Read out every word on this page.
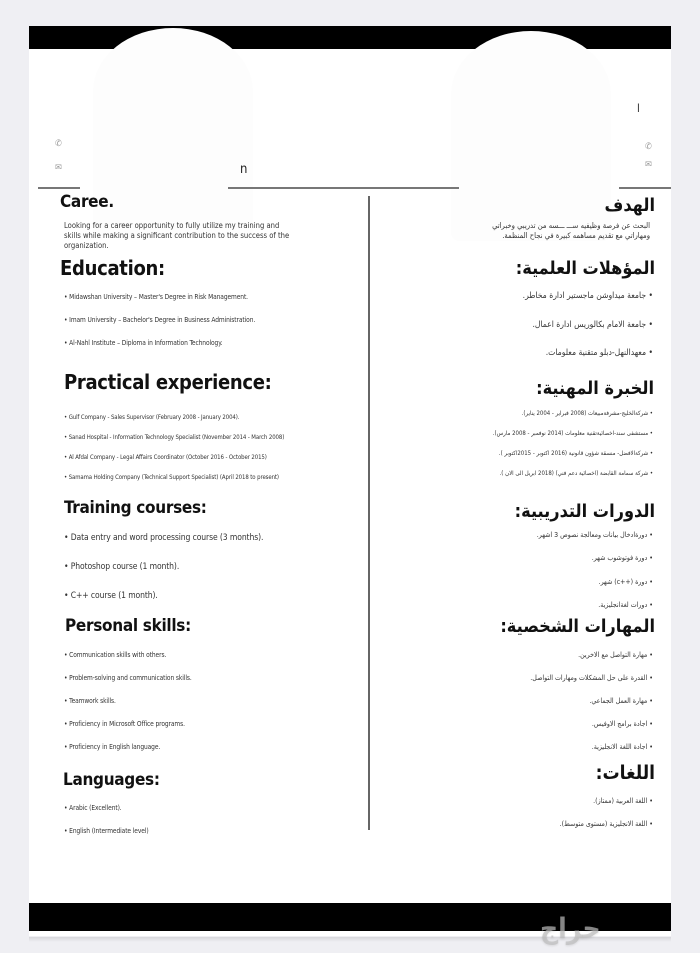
✆
✉	n
ا
✆
✉
Caree.
Looking for a career opportunity to fully utilize my training and skills while making a significant contribution to the success of the organization.
Education:
• Midawshan University – Master's Degree in Risk Management.
• Imam University – Bachelor's Degree in Business Administration.
• Al-Nahl Institute – Diploma in Information Technology.
Practical experience:
• Gulf Company - Sales Supervisor (February 2008 - January 2004).
• Sanad Hospital - Information Technology Specialist (November 2014 - March 2008)
• Al Afdal Company - Legal Affairs Coordinator (October 2016 - October 2015)
• Samama Holding Company (Technical Support Specialist) (April 2018 to present)
Training courses:
• Data entry and word processing course (3 months).
• Photoshop course (1 month).
• C++ course (1 month).
Personal skills:
• Communication skills with others.
• Problem-solving and communication skills.
• Teamwork skills.
• Proficiency in Microsoft Office programs.
• Proficiency in English language.
Languages:
• Arabic (Excellent).
• English (Intermediate level)
الهدف
البحث عن فرصة وظيفيه ســـ ـــسه من تدريبي وخبراتي
ومهاراتي مع تقديم مساهمه كبيرة في نجاح المنظمة.
المؤهلات العلمية:
• جامعة ميداوشن ماجستير ادارة مخاطر.
• جامعة الامام بكالوريس ادارة اعمال.
• معهدالنهل-دبلو متقنية معلومات.
الخبرة المهنية:
• شركةالخليج-مشرفةمبيعات (2008 فبراير - 2004 يناير).
• مستشفى سند-اخصائيةتقنية معلومات (2014 نوفمبر - 2008 مارس).
• شركةالافضل- منسقة شؤون قانونية (2016 اكتوبر - 2015اكتوبر ).
• شركة سمامة القابضة (اخصائية دعم فني) (2018 ابريل الى الان ).
الدورات التدريبية:
• دورةادخال بيانات ومعالجة نصوص 3 اشهر.
• دورة فوتوشوب شهر.
• دورة (++c) شهر.
• دورات لغةانجليزية.
المهارات الشخصية:
• مهارة التواصل مع الاخرين.
• القدرة على حل المشكلات ومهارات التواصل.
• مهارة العمل الجماعي.
• اجادة برامج الاوفيس.
• اجادة اللغة الانجليزية.
اللغات:
• اللغة العربية (ممتاز).
• اللغة الانجليزية (مستوى متوسط).
حراج
